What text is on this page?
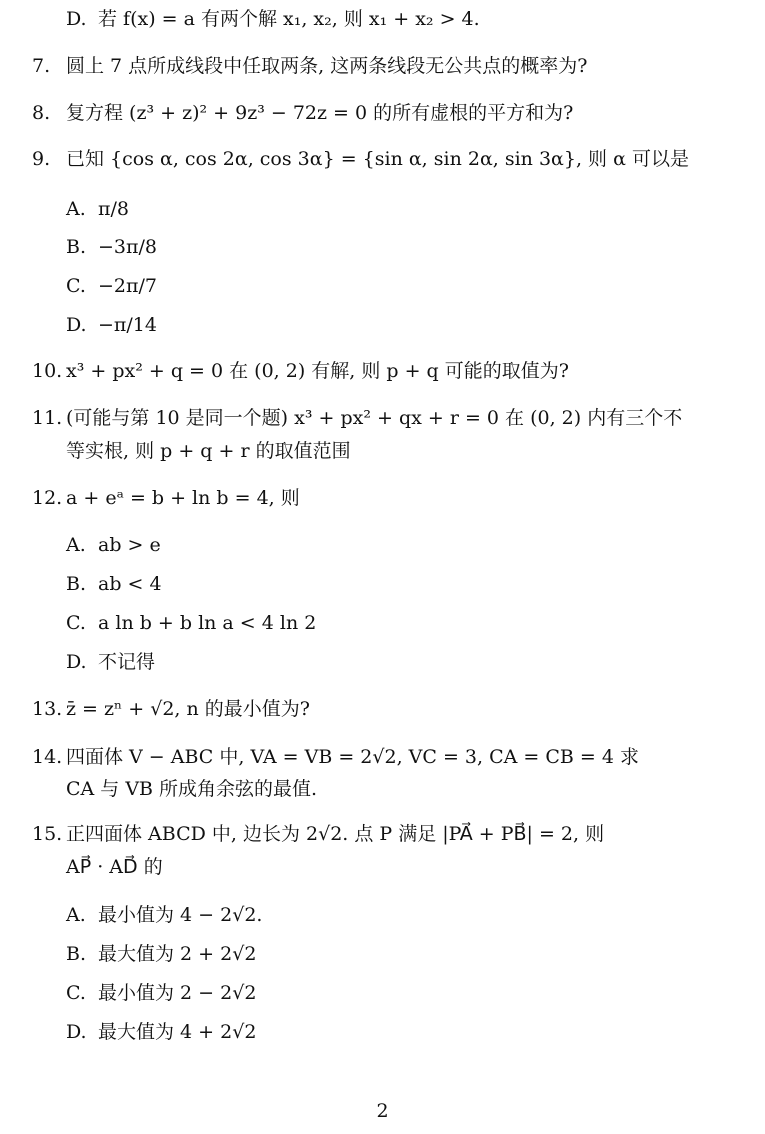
D. 若 f(x) = a 有两个解 x₁, x₂, 则 x₁ + x₂ > 4.
7. 圆上 7 点所成线段中任取两条, 这两条线段无公共点的概率为?
8. 复方程 (z³ + z)² + 9z³ − 72z = 0 的所有虚根的平方和为?
9. 已知 {cos α, cos 2α, cos 3α} = {sin α, sin 2α, sin 3α}, 则 α 可以是
A. π/8
B. −3π/8
C. −2π/7
D. −π/14
10. x³ + px² + q = 0 在 (0, 2) 有解, 则 p + q 可能的取值为?
11. (可能与第 10 是同一个题) x³ + px² + qx + r = 0 在 (0, 2) 内有三个不
等实根, 则 p + q + r 的取值范围
12. a + eᵃ = b + ln b = 4, 则
A. ab > e
B. ab < 4
C. a ln b + b ln a < 4 ln 2
D. 不记得
13. z̄ = zⁿ + √2, n 的最小值为?
14. 四面体 V − ABC 中, VA = VB = 2√2, VC = 3, CA = CB = 4 求
CA 与 VB 所成角余弦的最值.
15. 正四面体 ABCD 中, 边长为 2√2. 点 P 满足 |PA⃗ + PB⃗| = 2, 则
AP⃗ · AD⃗ 的
A. 最小值为 4 − 2√2.
B. 最大值为 2 + 2√2
C. 最小值为 2 − 2√2
D. 最大值为 4 + 2√2
2
